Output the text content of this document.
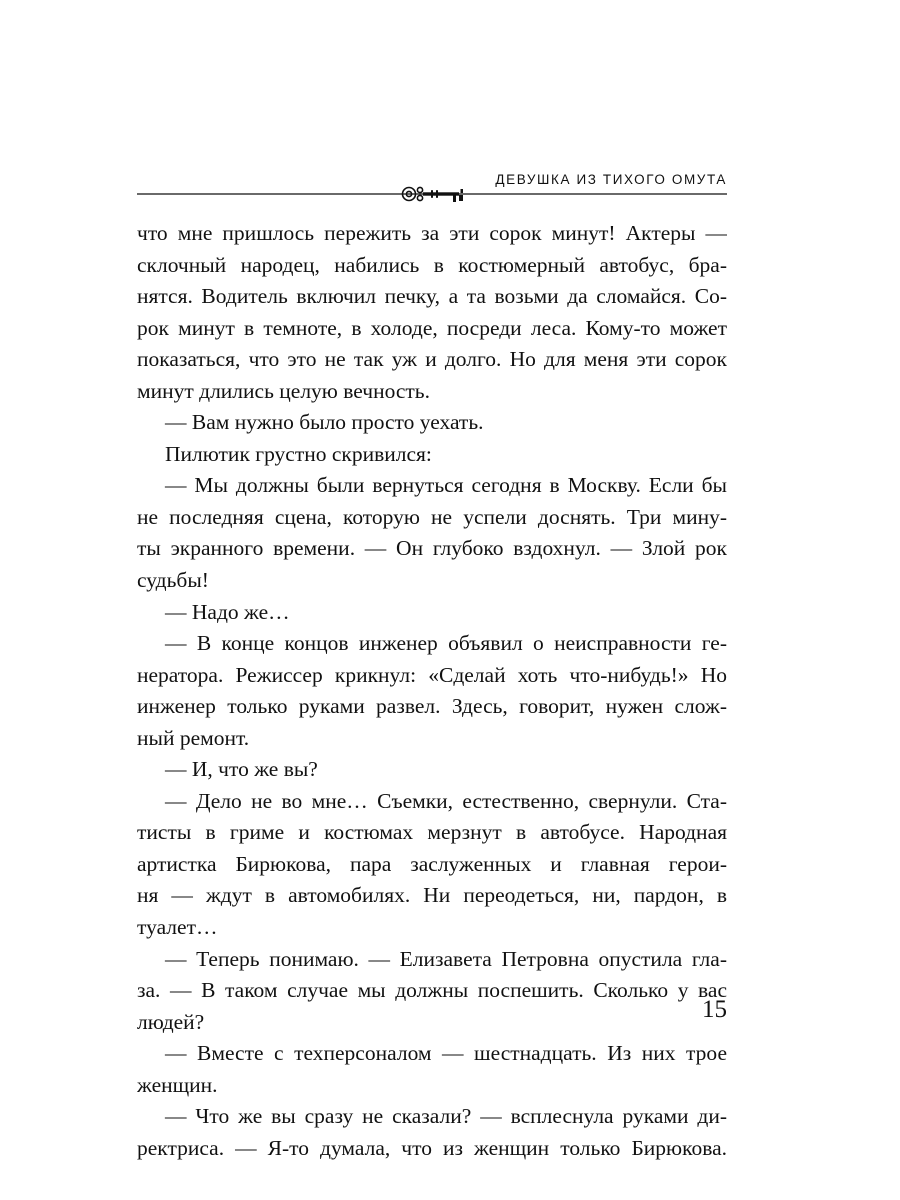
ДЕВУШКА ИЗ ТИХОГО ОМУТА
что мне пришлось пережить за эти сорок минут! Актеры —
склочный народец, набились в костюмерный автобус, бра-
нятся. Водитель включил печку, а та возьми да сломайся. Со-
рок минут в темноте, в холоде, посреди леса. Кому-то может
показаться, что это не так уж и долго. Но для меня эти сорок
минут длились целую вечность.
— Вам нужно было просто уехать.
Пилютик грустно скривился:
— Мы должны были вернуться сегодня в Москву. Если бы
не последняя сцена, которую не успели доснять. Три мину-
ты экранного времени. — Он глубоко вздохнул. — Злой рок
судьбы!
— Надо же…
— В конце концов инженер объявил о неисправности ге-
нератора. Режиссер крикнул: «Сделай хоть что-нибудь!» Но
инженер только руками развел. Здесь, говорит, нужен слож-
ный ремонт.
— И, что же вы?
— Дело не во мне… Съемки, естественно, свернули. Ста-
тисты в гриме и костюмах мерзнут в автобусе. Народная
артистка Бирюкова, пара заслуженных и главная герои-
ня — ждут в автомобилях. Ни переодеться, ни, пардон, в
туалет…
— Теперь понимаю. — Елизавета Петровна опустила гла-
за. — В таком случае мы должны поспешить. Сколько у вас
людей?
— Вместе с техперсоналом — шестнадцать. Из них трое
женщин.
— Что же вы сразу не сказали? — всплеснула руками ди-
ректриса. — Я-то думала, что из женщин только Бирюкова.
15
